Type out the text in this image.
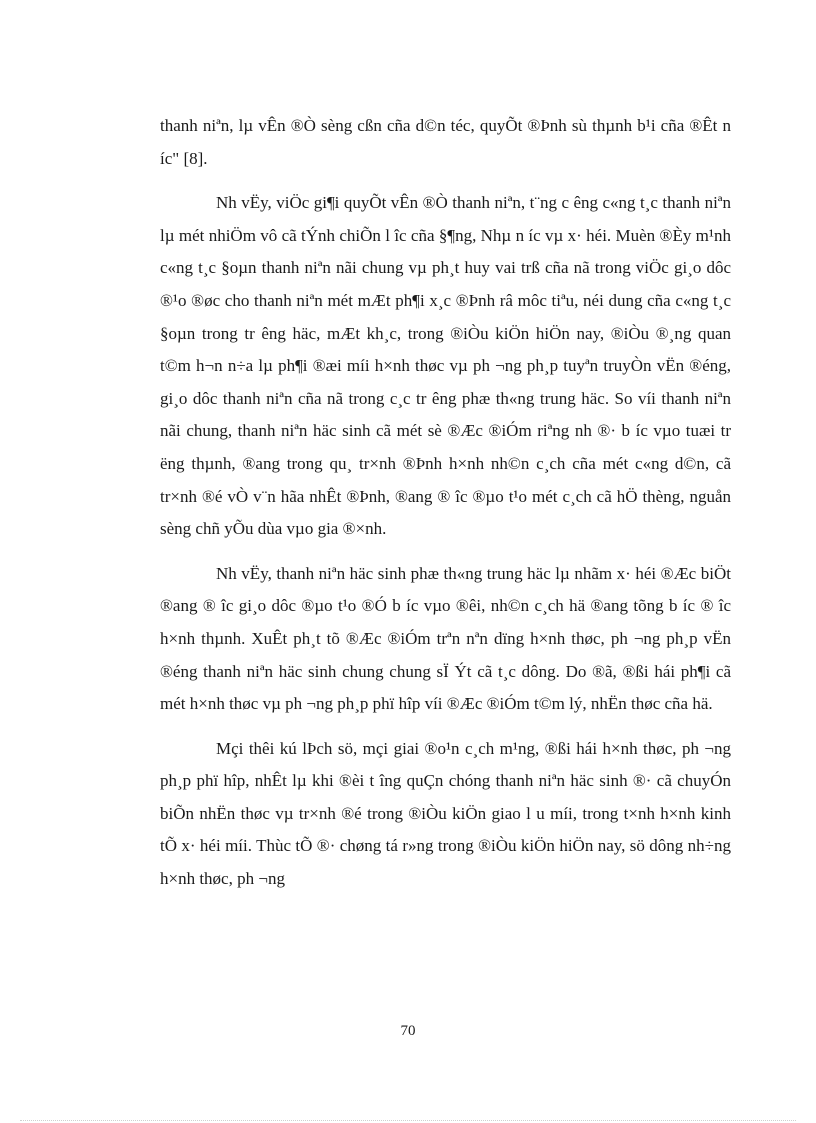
thanh niªn, lµ vÊn ®Ò sèng cßn cña d©n téc, quyÕt ®Þnh sù thµnh b¹i cña ®Êt n íc" [8].

Nh vËy, viÖc gi¶i quyÕt vÊn ®Ò thanh niªn, t¨ng c êng c«ng t¸c thanh niªn lµ mét nhiÖm vô cã tÝnh chiÕn l îc cña §¶ng, Nhµ n íc vµ x· héi. Muèn ®Èy m¹nh c«ng t¸c §oµn thanh niªn nãi chung vµ ph¸t huy vai trß cña nã trong viÖc gi¸o dôc ®¹o ®øc cho thanh niªn mét mÆt ph¶i x¸c ®Þnh râ môc tiªu, néi dung cña c«ng t¸c §oµn trong tr êng häc, mÆt kh¸c, trong ®iÒu kiÖn hiÖn nay, ®iÒu ®¸ng quan t©m h¬n n÷a lµ ph¶i ®æi míi h×nh thøc vµ ph ¬ng ph¸p tuyªn truyÒn vËn ®éng, gi¸o dôc thanh niªn cña nã trong c¸c tr êng phæ th«ng trung häc. So víi thanh niªn nãi chung, thanh niªn häc sinh cã mét sè ®Æc ®iÓm riªng nh ®· b íc vµo tuæi tr ëng thµnh, ®ang trong qu¸ tr×nh ®Þnh h×nh nh©n c¸ch cña mét c«ng d©n, cã tr×nh ®é vÒ v¨n hãa nhÊt ®Þnh, ®ang ® îc ®µo t¹o mét c¸ch cã hÖ thèng, nguån sèng chñ yÕu dùa vµo gia ®×nh.

Nh vËy, thanh niªn häc sinh phæ th«ng trung häc lµ nhãm x· héi ®Æc biÖt ®ang ® îc gi¸o dôc ®µo t¹o ®Ó b íc vµo ®êi, nh©n c¸ch hä ®ang tõng b íc ® îc h×nh thµnh. XuÊt ph¸t tõ ®Æc ®iÓm trªn nªn dïng h×nh thøc, ph ¬ng ph¸p vËn ®éng thanh niªn häc sinh chung chung sÏ Ýt cã t¸c dông. Do ®ã, ®ßi hái ph¶i cã mét h×nh thøc vµ ph ¬ng ph¸p phï hîp víi ®Æc ®iÓm t©m lý, nhËn thøc cña hä.

Mçi thêi kú lÞch sö, mçi giai ®o¹n c¸ch m¹ng, ®ßi hái h×nh thøc, ph ¬ng ph¸p phï hîp, nhÊt lµ khi ®èi t îng quÇn chóng thanh niªn häc sinh ®· cã chuyÓn biÕn nhËn thøc vµ tr×nh ®é trong ®iÒu kiÖn giao l u míi, trong t×nh h×nh kinh tÕ x· héi míi. Thùc tÕ ®· chøng tá r»ng trong ®iÒu kiÖn hiÖn nay, sö dông nh÷ng h×nh thøc, ph ¬ng

70
